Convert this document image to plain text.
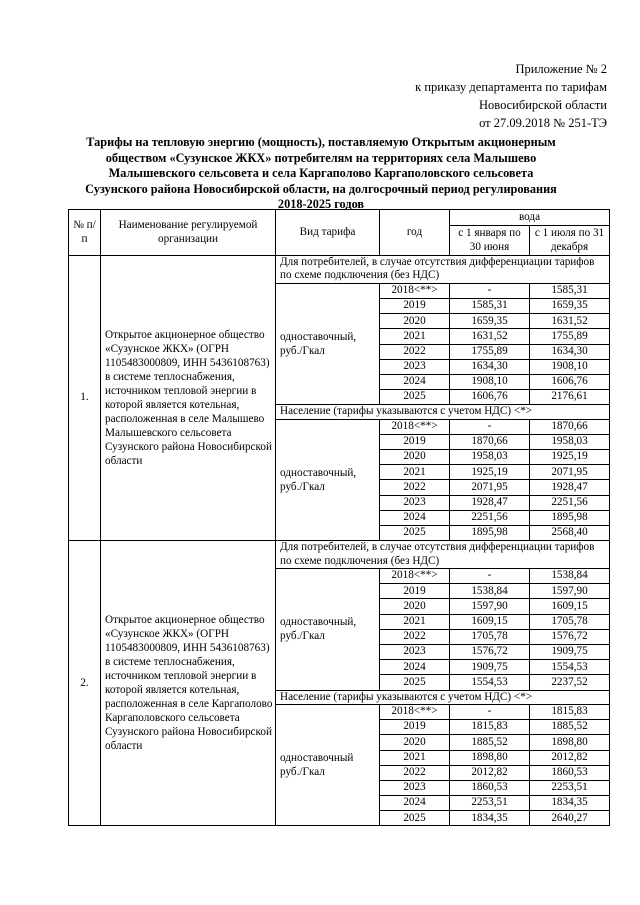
Приложение № 2
к приказу департамента по тарифам
Новосибирской области
от 27.09.2018 № 251-ТЭ
Тарифы на тепловую энергию (мощность), поставляемую Открытым акционерным обществом «Сузунское ЖКХ» потребителям на территориях села Малышево Малышевского сельсовета и села Каргаполово Каргаполовского сельсовета Сузунского района Новосибирской области, на долгосрочный период регулирования 2018-2025 годов
№ п/п	Наименование регулируемой организации	Вид тарифа	год	вода	
				с 1 января по 30 июня	с 1 июля по 31 декабря
1.	Открытое акционерное общество «Сузунское ЖКХ» (ОГРН 1105483000809, ИНН 5436108763) в системе теплоснабжения, источником тепловой энергии в которой является котельная, расположенная в селе Малышево Малышевского сельсовета Сузунского района Новосибирской области	Для потребителей, в случае отсутствия дифференциации тарифов по схеме подключения (без НДС)			
		одноставочный, руб./Гкал	2018<**>	-	1585,31
			2019	1585,31	1659,35
			2020	1659,35	1631,52
			2021	1631,52	1755,89
			2022	1755,89	1634,30
			2023	1634,30	1908,10
			2024	1908,10	1606,76
			2025	1606,76	2176,61
		Население (тарифы указываются с учетом НДС) <*>			
		одноставочный, руб./Гкал	2018<**>	-	1870,66
			2019	1870,66	1958,03
			2020	1958,03	1925,19
			2021	1925,19	2071,95
			2022	2071,95	1928,47
			2023	1928,47	2251,56
			2024	2251,56	1895,98
			2025	1895,98	2568,40
2.	Открытое акционерное общество «Сузунское ЖКХ» (ОГРН 1105483000809, ИНН 5436108763) в системе теплоснабжения, источником тепловой энергии в которой является котельная, расположенная в селе Каргаполово Каргаполовского сельсовета Сузунского района Новосибирской области	Для потребителей, в случае отсутствия дифференциации тарифов по схеме подключения (без НДС)			
		одноставочный, руб./Гкал	2018<**>	-	1538,84
			2019	1538,84	1597,90
			2020	1597,90	1609,15
			2021	1609,15	1705,78
			2022	1705,78	1576,72
			2023	1576,72	1909,75
			2024	1909,75	1554,53
			2025	1554,53	2237,52
		Население (тарифы указываются с учетом НДС) <*>			
		одноставочный руб./Гкал	2018<**>	-	1815,83
			2019	1815,83	1885,52
			2020	1885,52	1898,80
			2021	1898,80	2012,82
			2022	2012,82	1860,53
			2023	1860,53	2253,51
			2024	2253,51	1834,35
			2025	1834,35	2640,27
